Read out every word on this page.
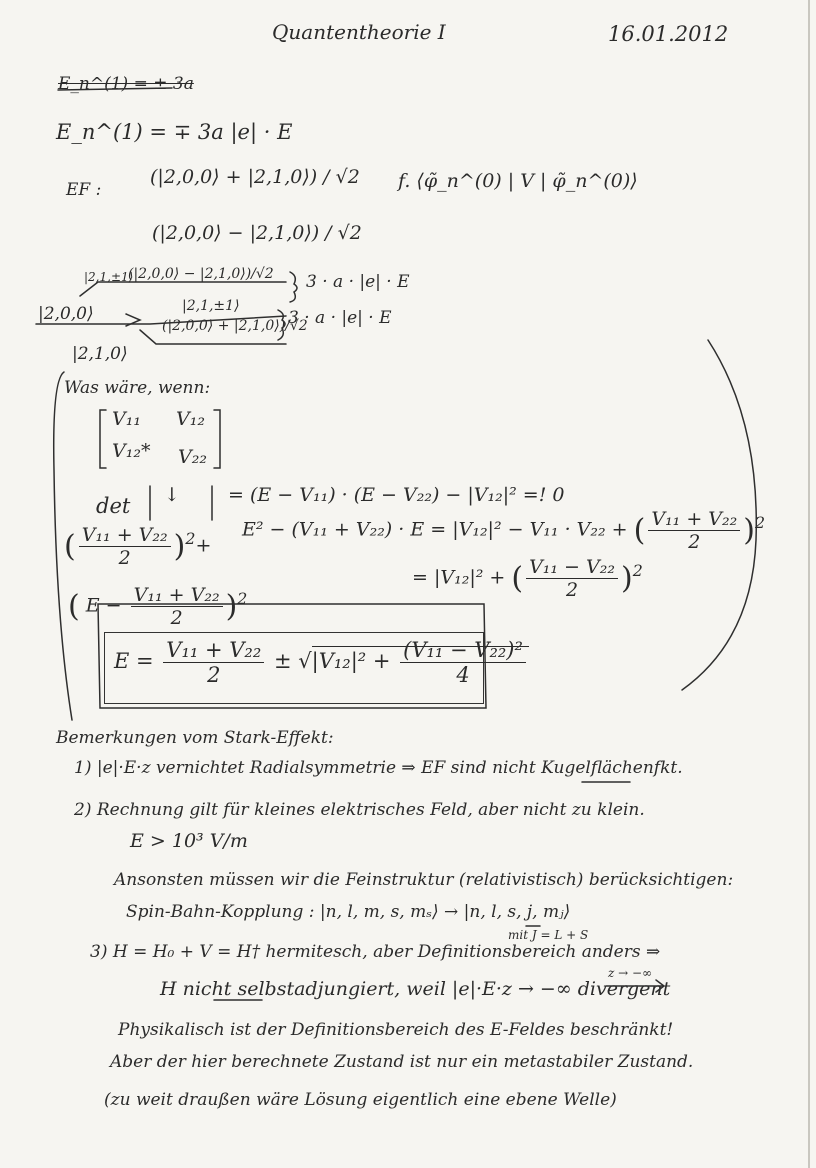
Quantentheorie I	16.01.2012
E_n^(1) = ± 3a
E_n^(1) = ∓ 3a |e| · E
EF :
(|2,0,0⟩ + |2,1,0⟩) / √2
(|2,0,0⟩ − |2,1,0⟩) / √2
f. ⟨φ̃_n^(0) | V | φ̃_n^(0)⟩
|2,0,0⟩
|2,1,0⟩
|2,1,±1⟩
(|2,0,0⟩ − |2,1,0⟩)/√2
|2,1,±1⟩
(|2,0,0⟩ + |2,1,0⟩)/√2
3 · a · |e| · E
3 · a · |e| · E
Was wäre, wenn:
V₁₁ V₁₂
V₁₂* V₂₂
det ↓	= (E − V₁₁) · (E − V₂₂) − |V₁₂|² =! 0
( $\frac{\text{V₁₁ + V₂₂}}{2} )^2+$
E² − (V₁₁ + V₂₂) · E = |V₁₂|² − V₁₁ · V₂₂ + ( $\frac{\text{V₁₁ + V₂₂}}{2} )^2$
= |V₁₂|² + ( $\frac{\text{V₁₁ − V₂₂}}{2} )^2$
( $E - \frac{\text{V₁₁ + V₂₂}}{2} )^2$
$E = \frac{\text{V₁₁ + V₂₂}}{2} \pm √|V_{12}|^2 + \frac{\text{(V₁₁ − V₂₂)²}}{4}$
Bemerkungen vom Stark-Effekt:
1) |e|·E·z vernichtet Radialsymmetrie ⇒ EF sind nicht Kugelflächenfkt.
2) Rechnung gilt für kleines elektrisches Feld, aber nicht zu klein.
E > 10³ V/m
Ansonsten müssen wir die Feinstruktur (relativistisch) berücksichtigen:
Spin-Bahn-Kopplung : |n, l, m, s, mₛ⟩ → |n, l, s, j, mⱼ⟩
mit J = L + S
3) H = H₀ + V = H† hermitesch, aber Definitionsbereich anders ⇒
z → −∞
H nicht selbstadjungiert, weil |e|·E·z → −∞ divergent
Physikalisch ist der Definitionsbereich des E-Feldes beschränkt!
Aber der hier berechnete Zustand ist nur ein metastabiler Zustand.
(zu weit draußen wäre Lösung eigentlich eine ebene Welle)
